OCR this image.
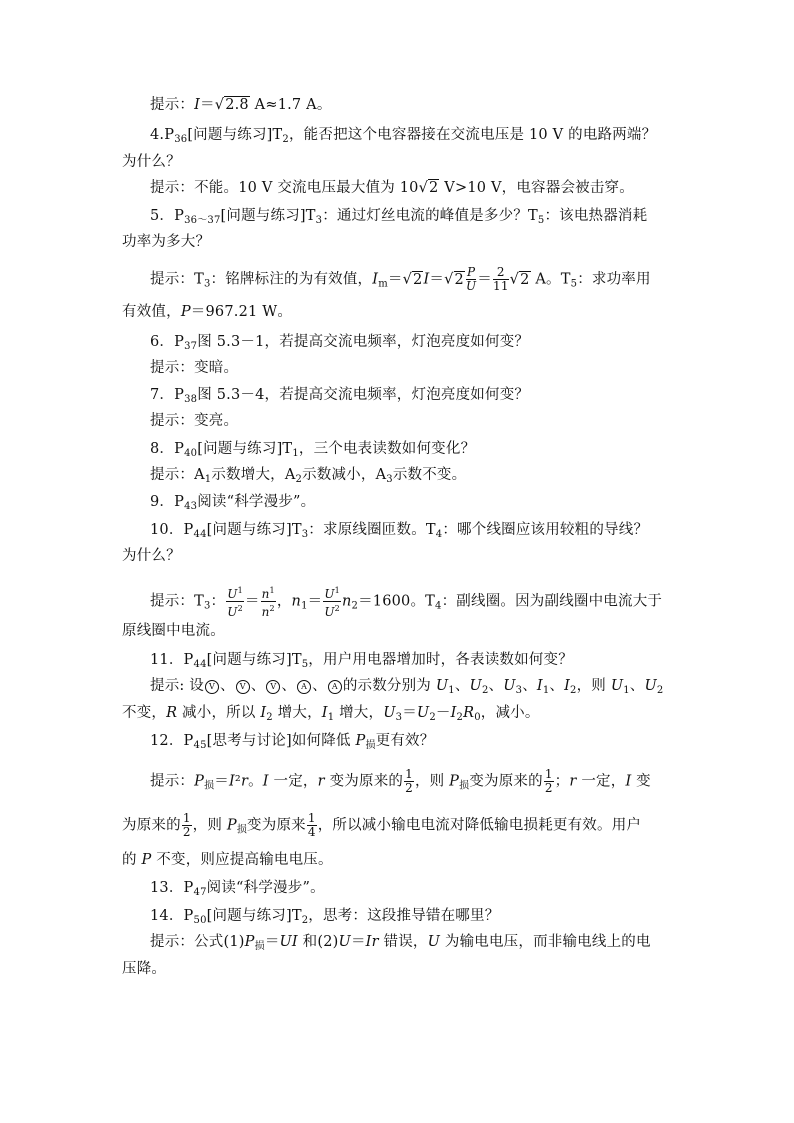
提示：I＝√2.8 A≈1.7 A。
$4.P_{36}$[问题与练习]$T_2$，能否把这个电容器接在交流电压是 10 V 的电路两端？
为什么？
提示：不能。10 V 交流电压最大值为 10√2 V>10 V，电容器会被击穿。
5．$P_{36\sim 37}$[问题与练习]$T_3$：通过灯丝电流的峰值是多少？$T_5$：该电热器消耗
功率为多大？
提示：$T_3$：铭牌标注的为有效值，$I_m=√2I=√2 \frac{P}{U} = \frac{2}{11} √2$ A。$T_5$：求功率用
有效值，P＝967.21 W。
6．$P_{37}$图 5.3－1，若提高交流电频率，灯泡亮度如何变？
提示：变暗。
7．$P_{38}$图 5.3－4，若提高交流电频率，灯泡亮度如何变？
提示：变亮。
8．$P_{40}$[问题与练习]$T_1$，三个电表读数如何变化？
提示：$A_1$示数增大，$A_2$示数减小，$A_3$示数不变。
9．$P_{43}$阅读“科学漫步”。
10．$P_{44}$[问题与练习]$T_3$：求原线圈匝数。$T_4$：哪个线圈应该用较粗的导线？
为什么？
提示：$T_3$： $\frac{U^1}{U^2} = \frac{n^1}{n^2}$ ，$n_1= \frac{U^1}{U^2} n_2=1600$。$T_4$：副线圈。因为副线圈中电流大于
原线圈中电流。
11．$P_{44}$[问题与练习]$T_5$，用户用电器增加时，各表读数如何变？
提示: 设 V 、 V 、 V 、 A 、 A 的示数分别为 $U_1$、$U_2$、$U_3$、$I_1$、$I_2$，则 $U_1$、$U_2$
不变，R 减小，所以 $I_2$ 增大，$I_1$ 增大，$U_3=U_2-I_2R_0$，减小。
12．$P_{45}$[思考与讨论]如何降低 $P_损$更有效？
提示：$P_损=I^2r$。I 一定，r 变为原来的 $\frac{1}{2}$ ，则 $P_损$变为原来的 $\frac{1}{2}$ ；r 一定，I 变
为原来的 $\frac{1}{2}$ ，则 $P_损$变为原来 $\frac{1}{4}$ ，所以减小输电电流对降低输电损耗更有效。用户
的 P 不变，则应提高输电电压。
13．$P_{47}$阅读“科学漫步”。
14．$P_{50}$[问题与练习]$T_2$，思考：这段推导错在哪里？
提示：公式$(1)P_损=UI$ 和(2)U＝Ir 错误，U 为输电电压，而非输电线上的电
压降。
